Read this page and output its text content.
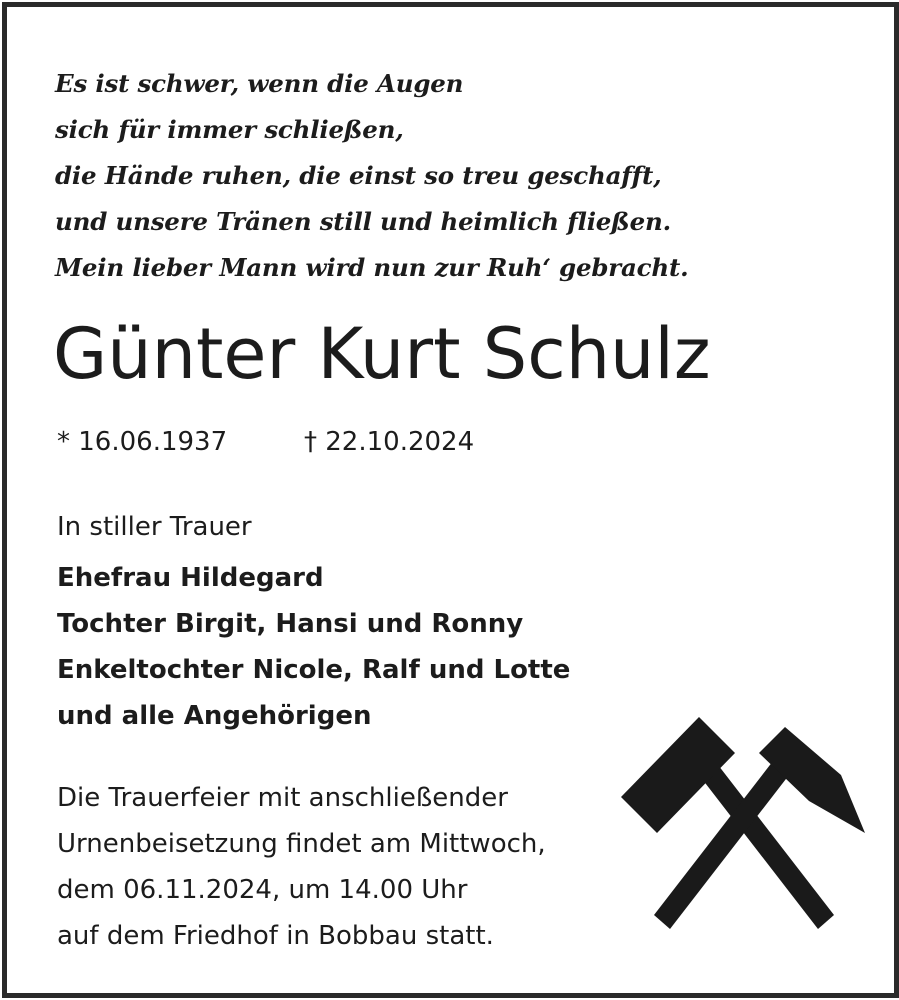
Es ist schwer, wenn die Augen
sich für immer schließen,
die Hände ruhen, die einst so treu geschafft,
und unsere Tränen still und heimlich fließen.
Mein lieber Mann wird nun zur Ruh‘ gebracht.
Günter Kurt Schulz
* 16.06.1937	† 22.10.2024
In stiller Trauer
Ehefrau Hildegard
Tochter Birgit, Hansi und Ronny
Enkeltochter Nicole, Ralf und Lotte
und alle Angehörigen
Die Trauerfeier mit anschließender
Urnenbeisetzung findet am Mittwoch,
dem 06.11.2024, um 14.00 Uhr
auf dem Friedhof in Bobbau statt.
